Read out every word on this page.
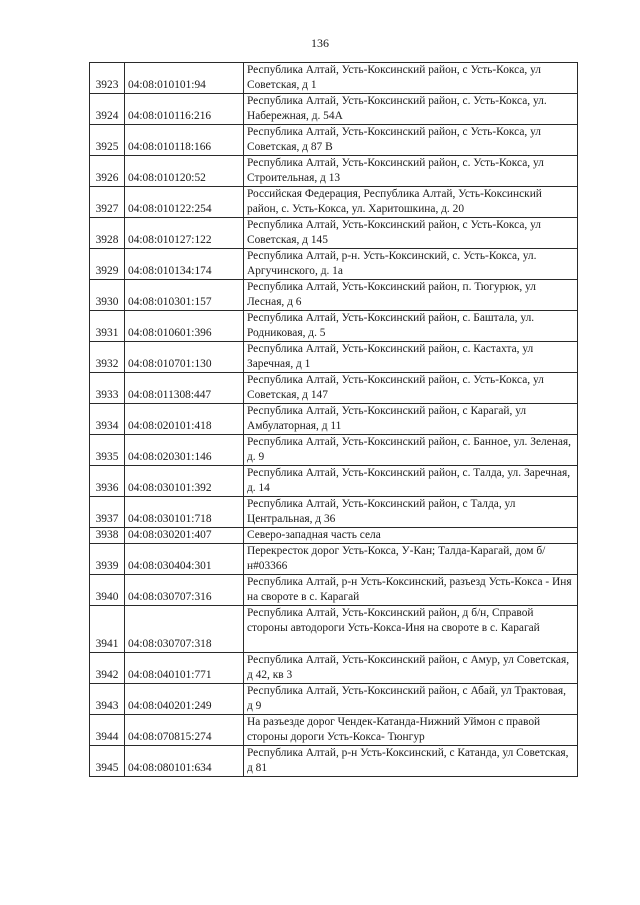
136
3923	04:08:010101:94	Республика Алтай, Усть-Коксинский район, с Усть-Кокса, ул Советская, д 1
3924	04:08:010116:216	Республика Алтай, Усть-Коксинский район, с. Усть-Кокса, ул. Набережная, д. 54А
3925	04:08:010118:166	Республика Алтай, Усть-Коксинский район, с Усть-Кокса, ул Советская, д 87 В
3926	04:08:010120:52	Республика Алтай, Усть-Коксинский район, с. Усть-Кокса, ул Строительная, д 13
3927	04:08:010122:254	Российская Федерация, Республика Алтай, Усть-Коксинский район, с. Усть-Кокса, ул. Харитошкина, д. 20
3928	04:08:010127:122	Республика Алтай, Усть-Коксинский район, с Усть-Кокса, ул Советская, д 145
3929	04:08:010134:174	Республика Алтай, р-н. Усть-Коксинский, с. Усть-Кокса, ул. Аргучинского, д. 1а
3930	04:08:010301:157	Республика Алтай, Усть-Коксинский район, п. Тюгурюк, ул Лесная, д 6
3931	04:08:010601:396	Республика Алтай, Усть-Коксинский район, с. Баштала, ул. Родниковая, д. 5
3932	04:08:010701:130	Республика Алтай, Усть-Коксинский район, с. Кастахта, ул Заречная, д 1
3933	04:08:011308:447	Республика Алтай, Усть-Коксинский район, с. Усть-Кокса, ул Советская, д 147
3934	04:08:020101:418	Республика Алтай, Усть-Коксинский район, с Карагай, ул Амбулаторная, д 11
3935	04:08:020301:146	Республика Алтай, Усть-Коксинский район, с. Банное, ул. Зеленая, д. 9
3936	04:08:030101:392	Республика Алтай, Усть-Коксинский район, с. Талда, ул. Заречная, д. 14
3937	04:08:030101:718	Республика Алтай, Усть-Коксинский район, с Талда, ул Центральная, д 36
3938	04:08:030201:407	Северо-западная часть села
3939	04:08:030404:301	Перекресток дорог Усть-Кокса, У-Кан; Талда-Карагай, дом б/н#03366
3940	04:08:030707:316	Республика Алтай, р-н Усть-Коксинский, разъезд Усть-Кокса - Иня на свороте в с. Карагай
3941	04:08:030707:318	Республика Алтай, Усть-Коксинский район, д б/н, Справой стороны автодороги Усть-Кокса-Иня на свороте в с. Карагай
3942	04:08:040101:771	Республика Алтай, Усть-Коксинский район, с Амур, ул Советская, д 42, кв 3
3943	04:08:040201:249	Республика Алтай, Усть-Коксинский район, с Абай, ул Трактовая, д 9
3944	04:08:070815:274	На разъезде дорог Чендек-Катанда-Нижний Уймон с правой стороны дороги Усть-Кокса- Тюнгур
3945	04:08:080101:634	Республика Алтай, р-н Усть-Коксинский, с Катанда, ул Советская, д 81
